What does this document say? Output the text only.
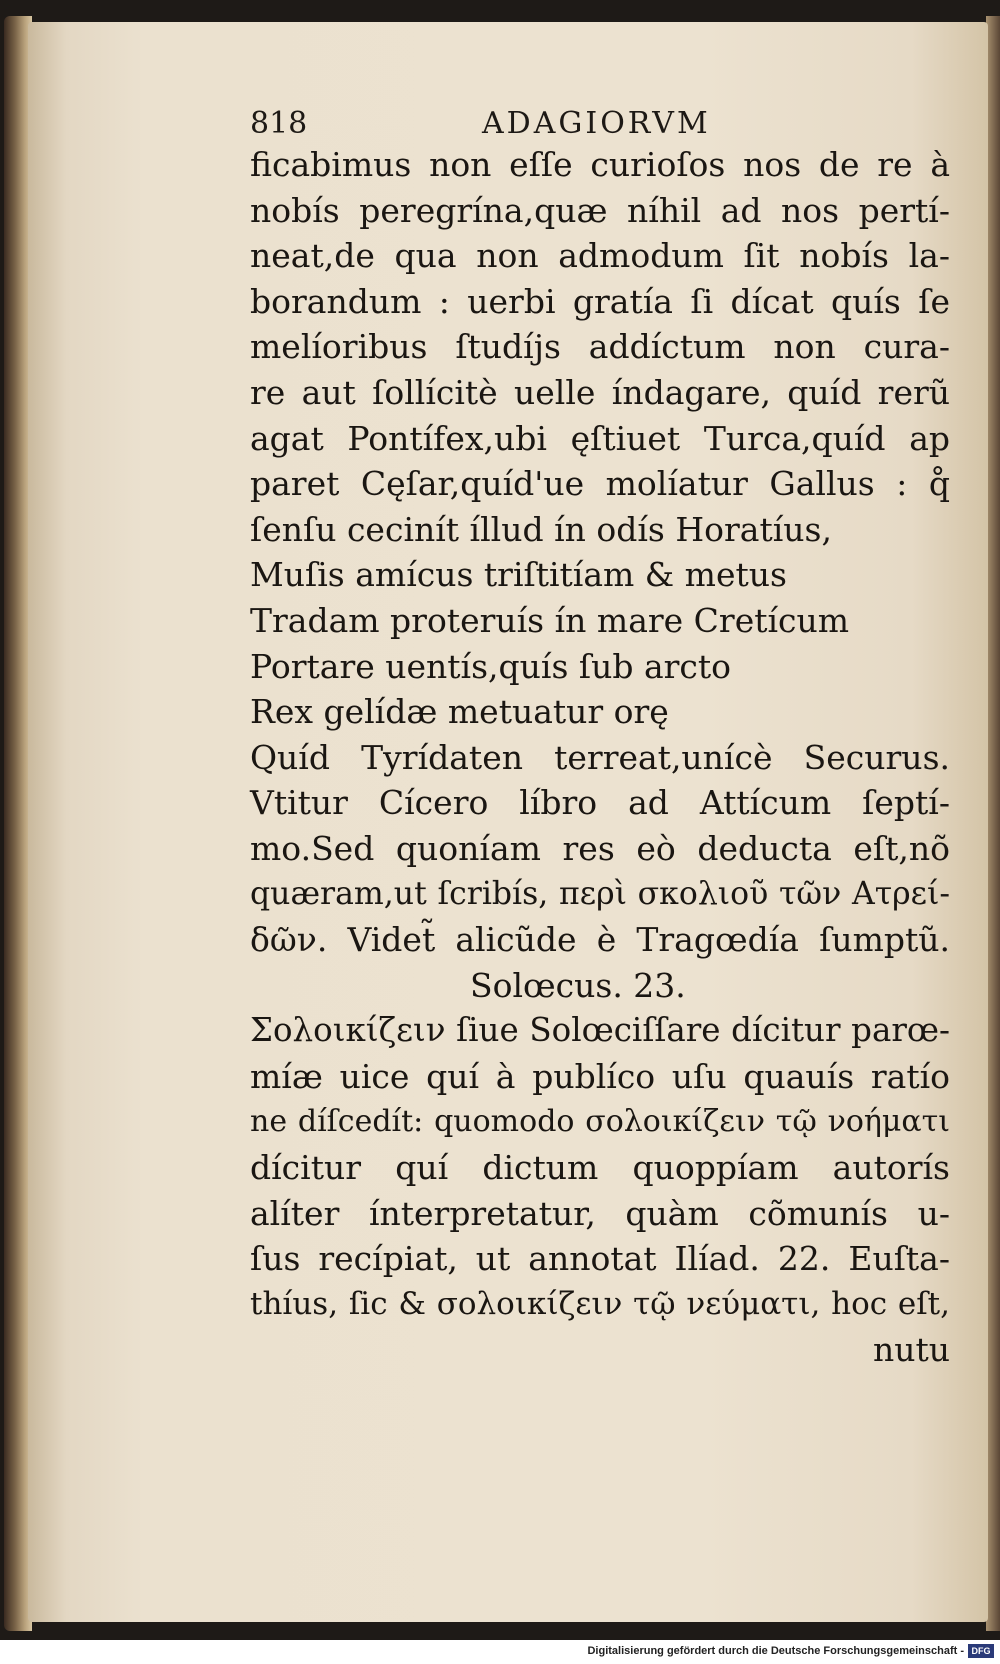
818	ADAGIORVM
ficabimus non eſſe curioſos nos de re à
nobís peregrína,quæ níhil ad nos pertí-
neat,de qua non admodum ſit nobís la-
borandum : uerbi gratía ſi dícat quís ſe
melíoribus ſtudíjs addíctum non cura-
re aut ſollícitè uelle índagare, quíd rerũ
agat Pontífex,ubi ęſtiuet Turca,quíd ap
paret Cęſar,quíd'ue molíatur Gallus : q̊
ſenſu cecinít íllud ín odís Horatíus,
Muſis amícus triſtitíam & metus
Tradam proteruís ín mare Cretícum
Portare uentís,quís ſub arcto
Rex gelídæ metuatur orę
Quíd Tyrídaten terreat,unícè Securus.
Vtitur Cícero líbro ad Attícum ſeptí-
mo.Sed quoníam res eò deducta eſt,nõ
quæram,ut ſcribís, περὶ σκολιοῦ τῶν Ατρεί-
δῶν. Videt̃ alicũde è Tragœdía ſumptũ.
Solœcus. 23.
Σολοικίζειν ſiue Solœciſſare dícitur parœ-
míæ uice quí à publíco uſu quauís ratío
ne díſcedít: quomodo σολοικίζειν τῷ νοήματι
dícitur quí dictum quoppíam autorís
alíter ínterpretatur, quàm cõmunís u-
ſus recípiat, ut annotat Ilíad. 22. Euſta-
thíus, ſic & σολοικίζειν τῷ νεύματι, hoc eſt,
nutu
Digitalisierung gefördert durch die Deutsche Forschungsgemeinschaft - DFG
